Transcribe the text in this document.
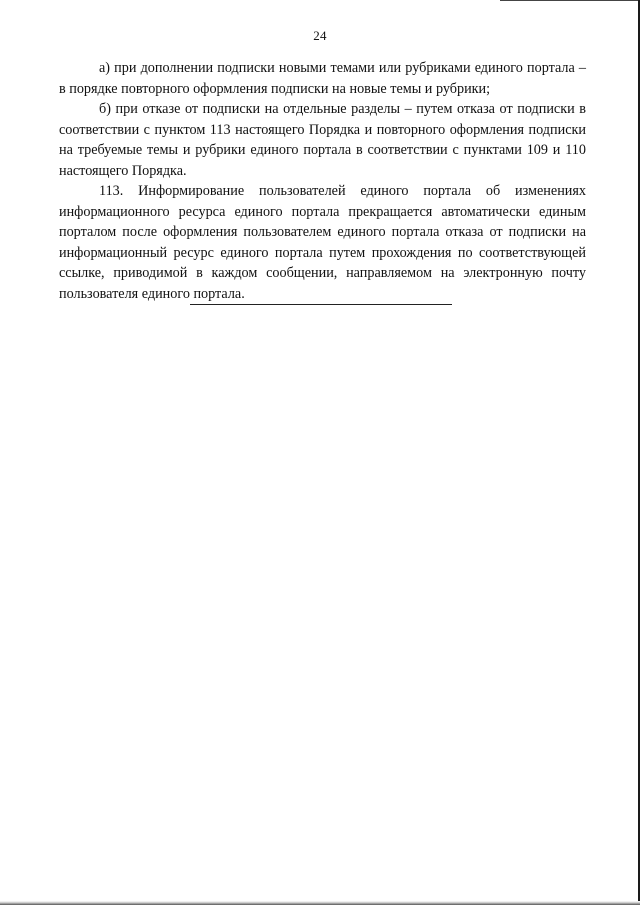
24

а) при дополнении подписки новыми темами или рубриками единого портала – в порядке повторного оформления подписки на новые темы и рубрики;

б) при отказе от подписки на отдельные разделы – путем отказа от подписки в соответствии с пунктом 113 настоящего Порядка и повторного оформления подписки на требуемые темы и рубрики единого портала в соответствии с пунктами 109 и 110 настоящего Порядка.

113. Информирование пользователей единого портала об изменениях информационного ресурса единого портала прекращается автоматически единым порталом после оформления пользователем единого портала отказа от подписки на информационный ресурс единого портала путем прохождения по соответствующей ссылке, приводимой в каждом сообщении, направляемом на электронную почту пользователя единого портала.
